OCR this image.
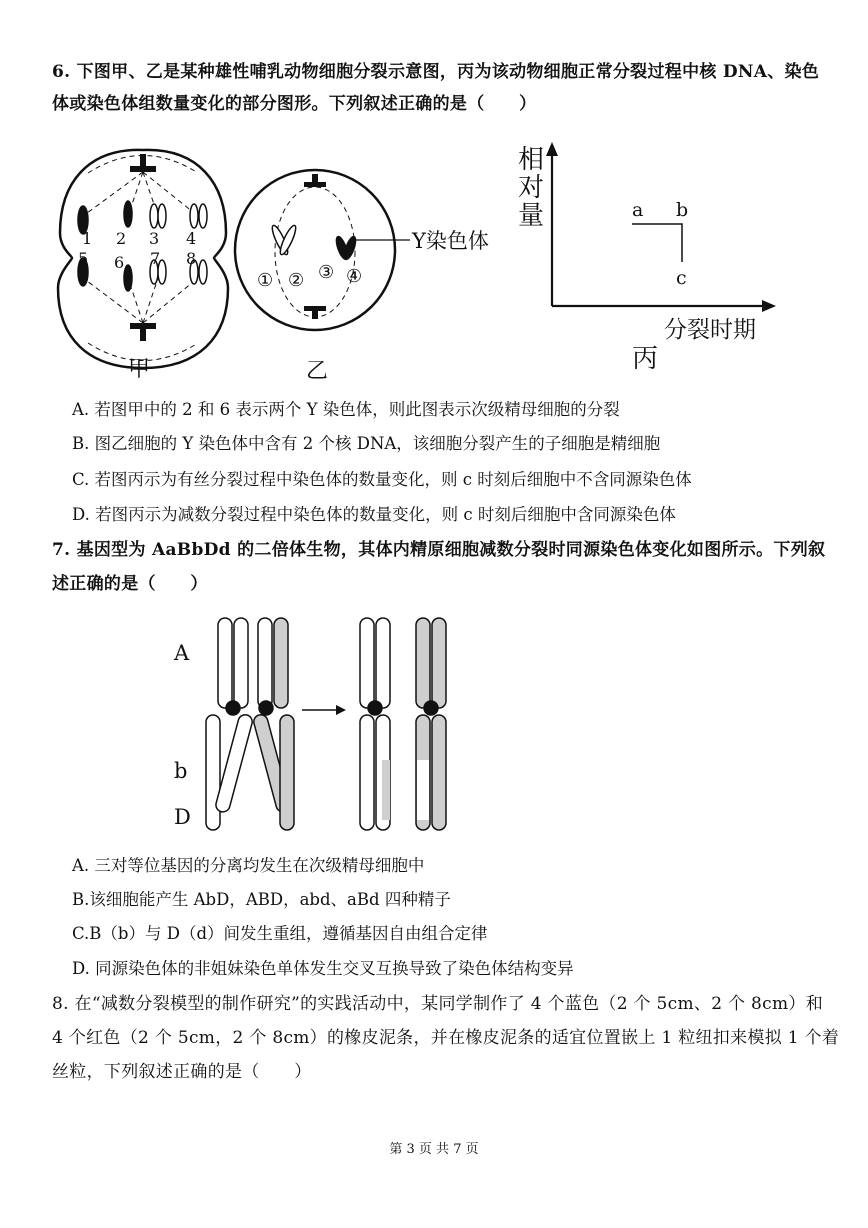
6. 下图甲、乙是某种雄性哺乳动物细胞分裂示意图，丙为该动物细胞正常分裂过程中核 DNA、染色
体或染色体组数量变化的部分图形。下列叙述正确的是（　　）
1 2 3 4
5 6 7 8
甲
Y染色体
① ② ③ ④
乙
相
对
量	a b
c
分裂时期
丙
A. 若图甲中的 2 和 6 表示两个 Y 染色体，则此图表示次级精母细胞的分裂
B. 图乙细胞的 Y 染色体中含有 2 个核 DNA，该细胞分裂产生的子细胞是精细胞
C. 若图丙示为有丝分裂过程中染色体的数量变化，则 c 时刻后细胞中不含同源染色体
D. 若图丙示为减数分裂过程中染色体的数量变化，则 c 时刻后细胞中含同源染色体
7. 基因型为 AaBbDd 的二倍体生物，其体内精原细胞减数分裂时同源染色体变化如图所示。下列叙
述正确的是（　　）
A
b
D
A. 三对等位基因的分离均发生在次级精母细胞中
B.该细胞能产生 AbD，ABD，abd、aBd 四种精子
C.B（b）与 D（d）间发生重组，遵循基因自由组合定律
D. 同源染色体的非姐妹染色单体发生交叉互换导致了染色体结构变异
8. 在“减数分裂模型的制作研究”的实践活动中，某同学制作了 4 个蓝色（2 个 5cm、2 个 8cm）和
4 个红色（2 个 5cm，2 个 8cm）的橡皮泥条，并在橡皮泥条的适宜位置嵌上 1 粒纽扣来模拟 1 个着
丝粒，下列叙述正确的是（　　）
第 3 页 共 7 页
